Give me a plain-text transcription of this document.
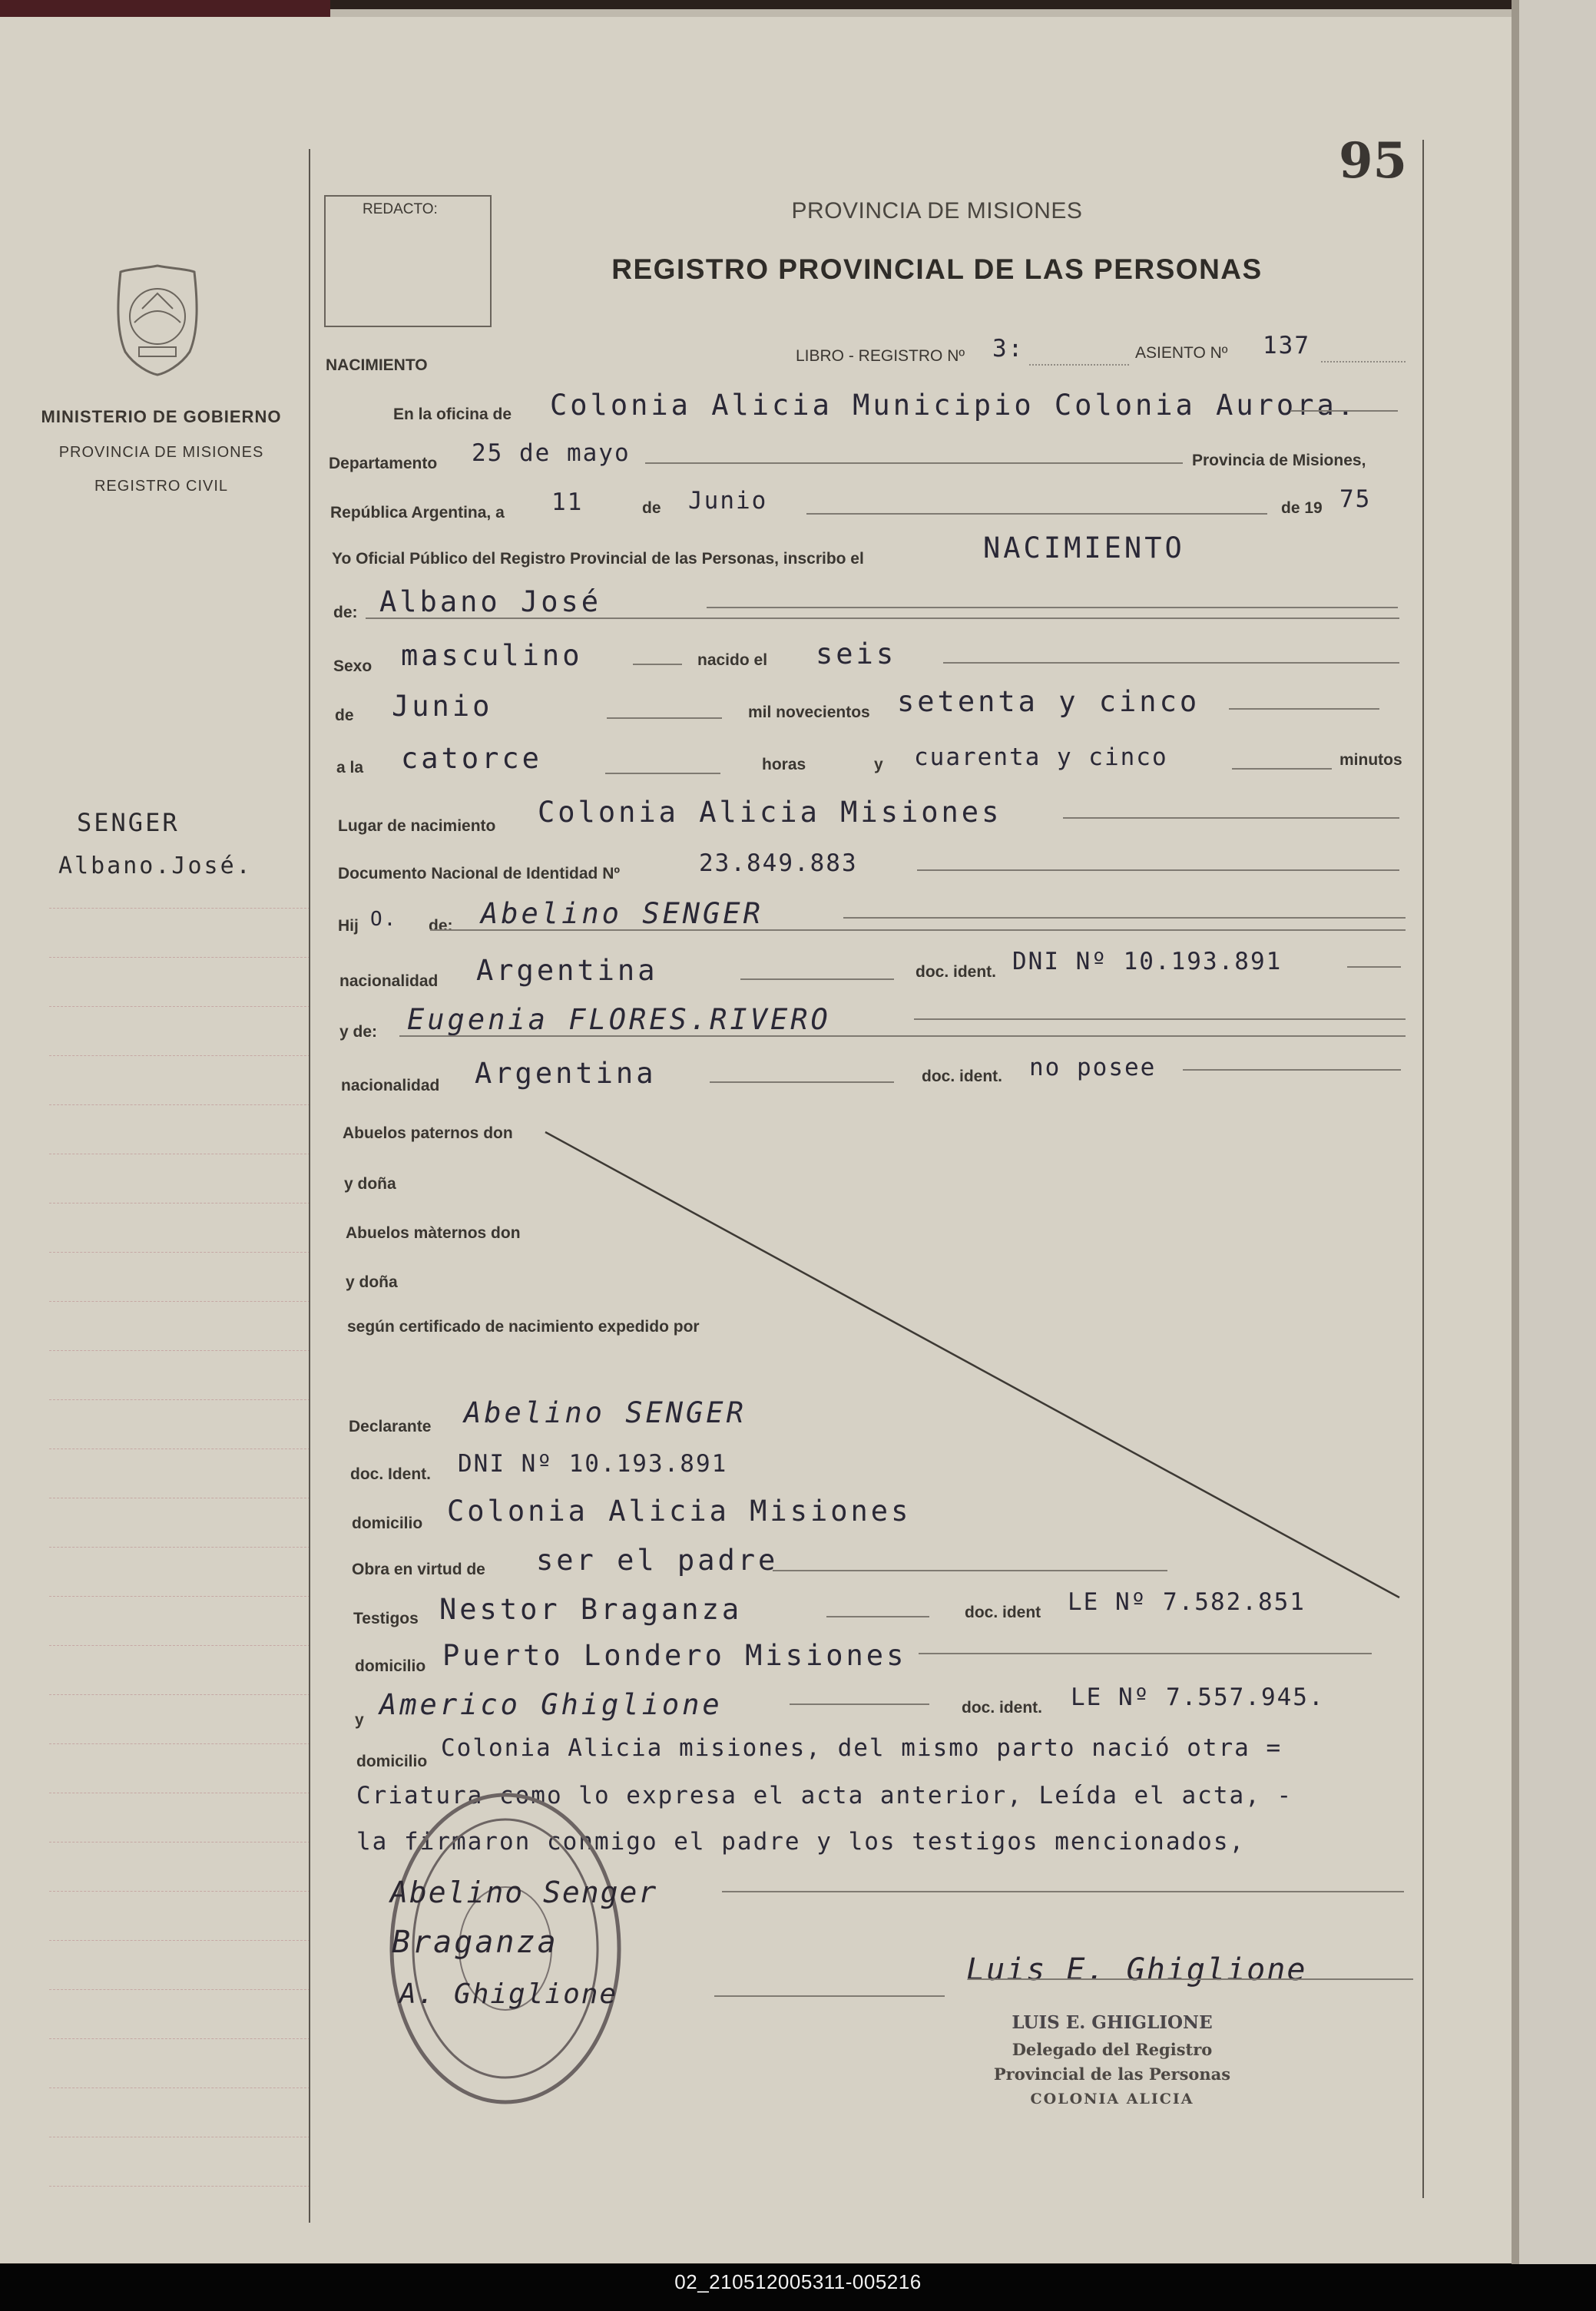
MINISTERIO DE GOBIERNO
PROVINCIA DE MISIONES
REGISTRO CIVIL
SENGER
Albano.José.
95
REDACTO:	PROVINCIA DE MISIONES
REGISTRO PROVINCIAL DE LAS PERSONAS
NACIMIENTO
LIBRO - REGISTRO Nº 3:	ASIENTO Nº 137
En la oficina de Colonia Alicia Municipio Colonia Aurora.
Departamento 25 de mayo	Provincia de Misiones,
República Argentina, a 11	de Junio	de 19 75
Yo Oficial Público del Registro Provincial de las Personas, inscribo el	NACIMIENTO
de: Albano José
Sexo masculino	nacido el seis
de Junio	mil novecientos setenta y cinco
a la catorce	horas	y cuarenta y cinco	minutos
Lugar de nacimiento Colonia Alicia Misiones
Documento Nacional de Identidad Nº	23.849.883
Hij O. de: Abelino SENGER
nacionalidad Argentina	doc. ident. DNI Nº 10.193.891
y de: Eugenia FLORES.RIVERO
nacionalidad Argentina	doc. ident. no posee
Abuelos paternos don
y doña
Abuelos màternos don
y doña
según certificado de nacimiento expedido por
Declarante Abelino SENGER
doc. Ident. DNI Nº 10.193.891
domicilio Colonia Alicia Misiones
Obra en virtud de ser el padre
Testigos Nestor Braganza	doc. ident LE Nº 7.582.851
domicilio Puerto Londero Misiones
y Americo Ghiglione	doc. ident. LE Nº 7.557.945.
domicilio Colonia Alicia misiones, del mismo parto nació otra =
Criatura como lo expresa el acta anterior, Leída el acta, -
la firmaron conmigo el padre y los testigos mencionados,
Abelino Senger
Braganza
A. Ghiglione
Luis E. Ghiglione
LUIS E. GHIGLIONE
Delegado del Registro
Provincial de las Personas
COLONIA ALICIA
02_210512005311-005216
